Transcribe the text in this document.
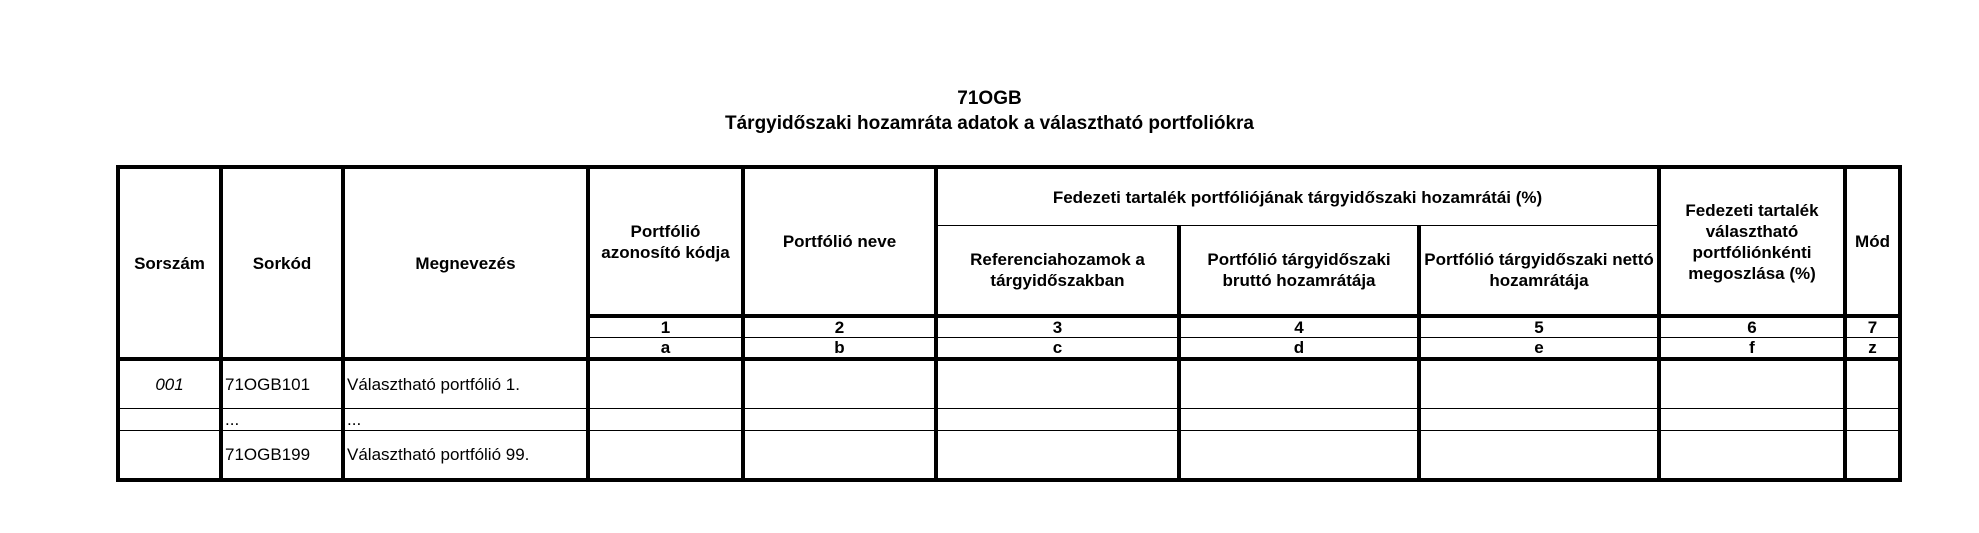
71OGB
Tárgyidőszaki hozamráta adatok a választható portfoliókra
Sorszám	Sorkód	Megnevezés	Portfólió azonosító kódja	Portfólió neve	Fedezeti tartalék portfóliójának tárgyidőszaki hozamrátái (%)			Fedezeti tartalék választható portfóliónkénti megoszlása (%)	Mód
					Referenciahozamok a tárgyidőszakban	Portfólió tárgyidőszaki bruttó hozamrátája	Portfólió tárgyidőszaki nettó hozamrátája		
			1	2	3	4	5	6	7
			a	b	c	d	e	f	z
001	71OGB101	Választható portfólió 1.							
	...	...							
	71OGB199	Választható portfólió 99.							
